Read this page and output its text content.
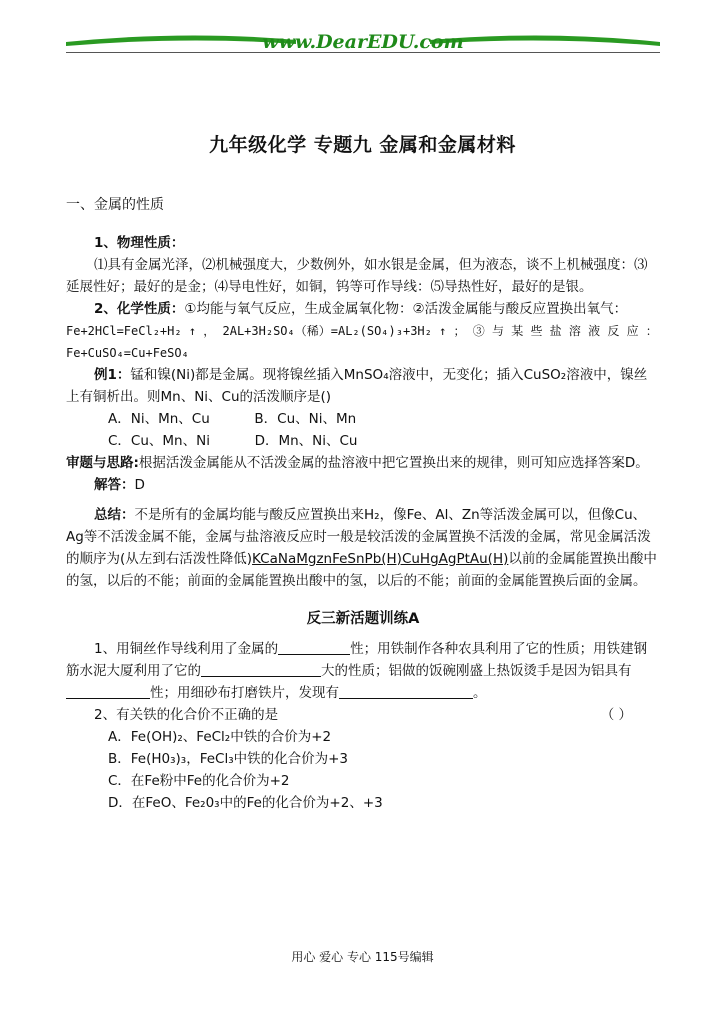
www.DearEDU.com
九年级化学 专题九 金属和金属材料
一、金属的性质

1、物理性质：

⑴具有金属光泽，⑵机械强度大，少数例外，如水银是金属，但为液态，谈不上机械强度：⑶延展性好；最好的是金；⑷导电性好，如铜，钨等可作导线：⑸导热性好，最好的是银。

2、化学性质：①均能与氧气反应，生成金属氧化物：②活泼金属能与酸反应置换出氧气：

Fe+2HCl=FeCl₂+H₂ ↑ ， 2AL+3H₂SO₄（稀）=AL₂(SO₄)₃+3H₂ ↑ ； ③ 与 某 些 盐 溶 液 反 应 ：

Fe+CuSO₄=Cu+FeSO₄

例1：锰和镍(Ni)都是金属。现将镍丝插入MnSO₄溶液中，无变化；插入CuSO₂溶液中，镍丝上有铜析出。则Mn、Ni、Cu的活泼顺序是()

A．Ni、Mn、Cu	B．Cu、Ni、Mn
C．Cu、Mn、Ni	D．Mn、Ni、Cu

审题与思路:根据活泼金属能从不活泼金属的盐溶液中把它置换出来的规律，则可知应选择答案D。

解答：D

总结：不是所有的金属均能与酸反应置换出来H₂，像Fe、Al、Zn等活泼金属可以，但像Cu、Ag等不活泼金属不能，金属与盐溶液反应时一般是较活泼的金属置换不活泼的金属，常见金属活泼的顺序为(从左到右活泼性降低)KCaNaMgznFeSnPb(H)CuHgAgPtAu(H)以前的金属能置换出酸中的氢，以后的不能；前面的金属能置换出酸中的氢，以后的不能；前面的金属能置换后面的金属。

反三新活题训练A

1、用铜丝作导线利用了金属的	性；用铁制作各种农具利用了它的性质；用铁建钢筋水泥大厦利用了它的	大的性质；铝做的饭碗刚盛上热饭烫手是因为铝具有性；用细砂布打磨铁片，发现有	。

2、有关铁的化合价不正确的是	（ ）

A．Fe(OH)₂、FeCl₂中铁的合价为+2
B．Fe(H0₃)₃，FeCl₃中铁的化合价为+3
C．在Fe粉中Fe的化合价为+2
D．在FeO、Fe₂0₃中的Fe的化合价为+2、+3
用心 爱心 专心 115号编辑
